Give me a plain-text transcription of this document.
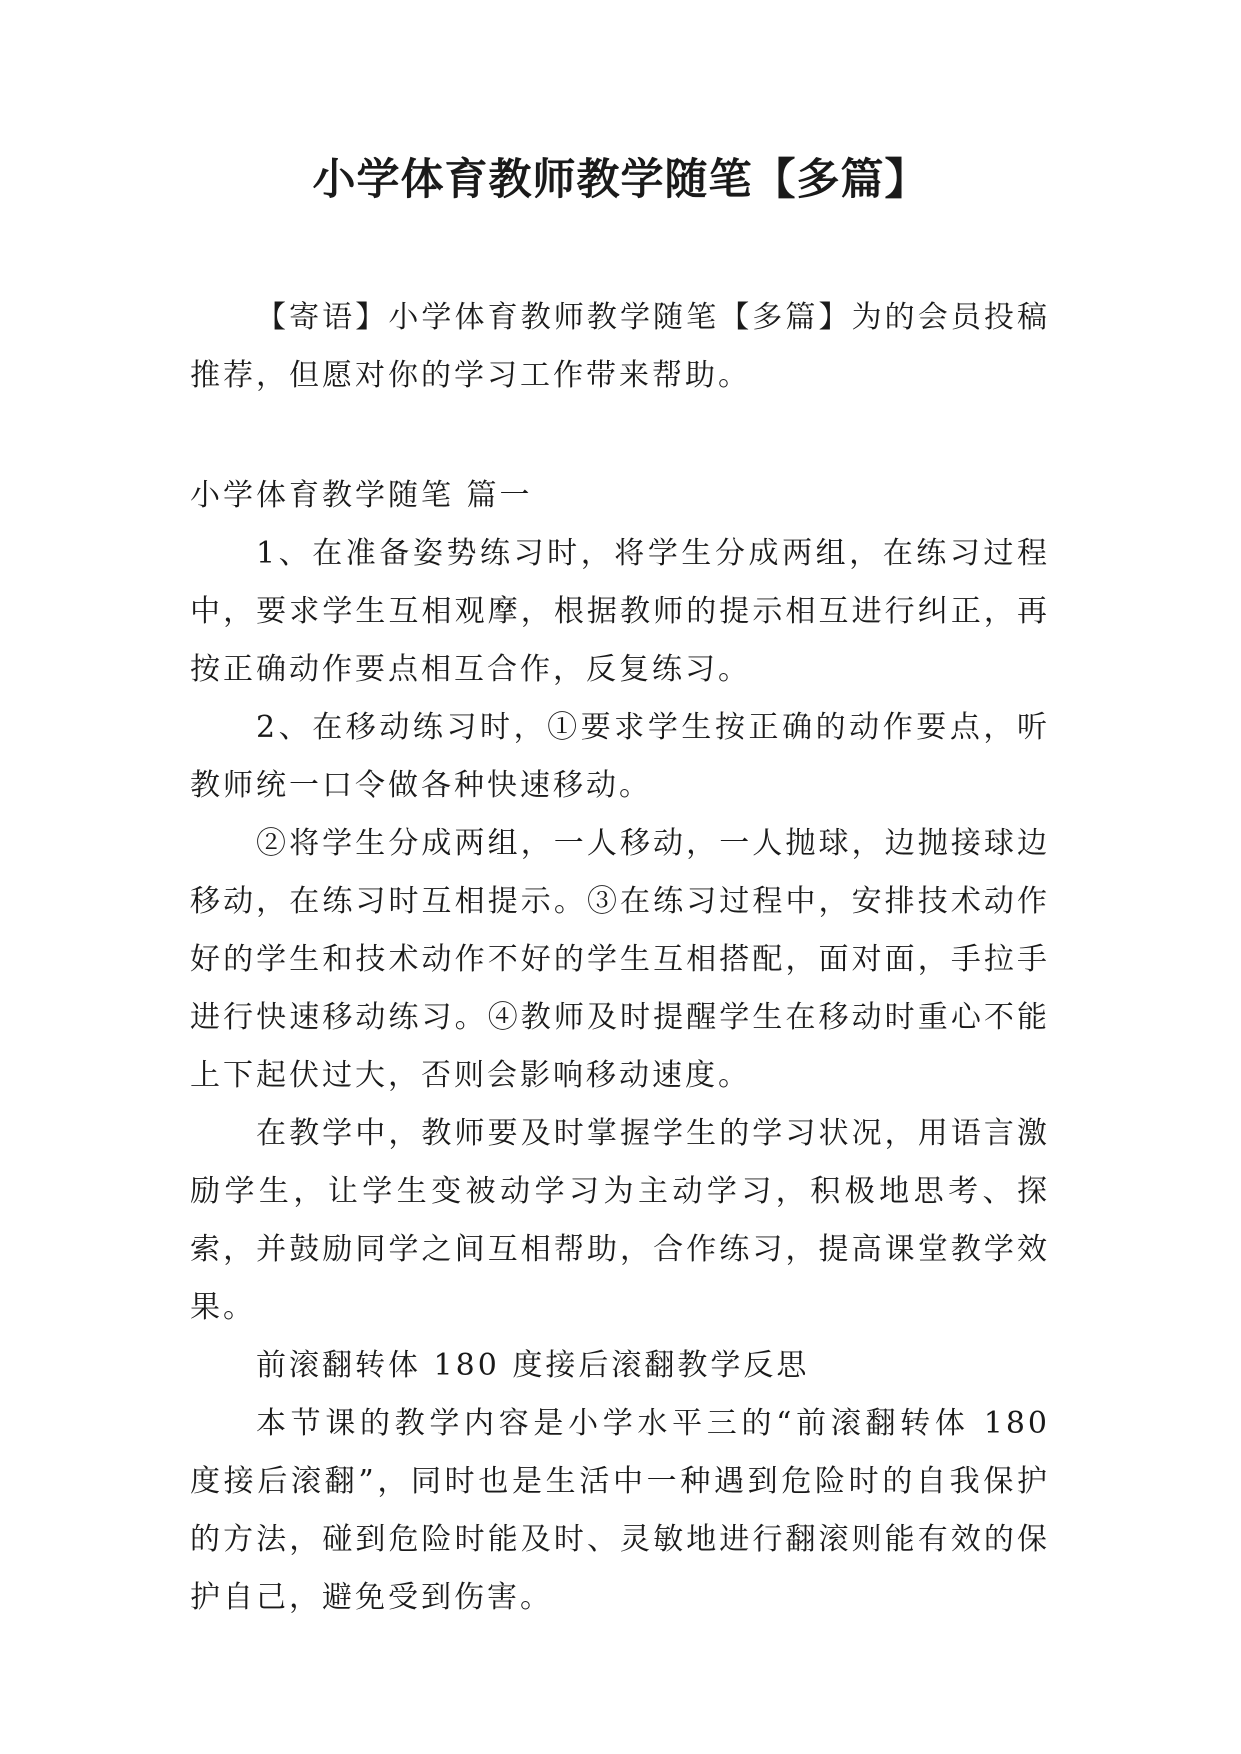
小学体育教师教学随笔【多篇】

【寄语】小学体育教师教学随笔【多篇】为的会员投稿推荐，但愿对你的学习工作带来帮助。

小学体育教学随笔 篇一

1、在准备姿势练习时，将学生分成两组，在练习过程中，要求学生互相观摩，根据教师的提示相互进行纠正，再按正确动作要点相互合作，反复练习。

2、在移动练习时，①要求学生按正确的动作要点，听教师统一口令做各种快速移动。

②将学生分成两组，一人移动，一人抛球，边抛接球边移动，在练习时互相提示。③在练习过程中，安排技术动作好的学生和技术动作不好的学生互相搭配，面对面，手拉手进行快速移动练习。④教师及时提醒学生在移动时重心不能上下起伏过大，否则会影响移动速度。

在教学中，教师要及时掌握学生的学习状况，用语言激励学生，让学生变被动学习为主动学习，积极地思考、探索，并鼓励同学之间互相帮助，合作练习，提高课堂教学效果。

前滚翻转体 180 度接后滚翻教学反思

本节课的教学内容是小学水平三的“前滚翻转体 180 度接后滚翻”，同时也是生活中一种遇到危险时的自我保护的方法，碰到危险时能及时、灵敏地进行翻滚则能有效的保护自己，避免受到伤害。
